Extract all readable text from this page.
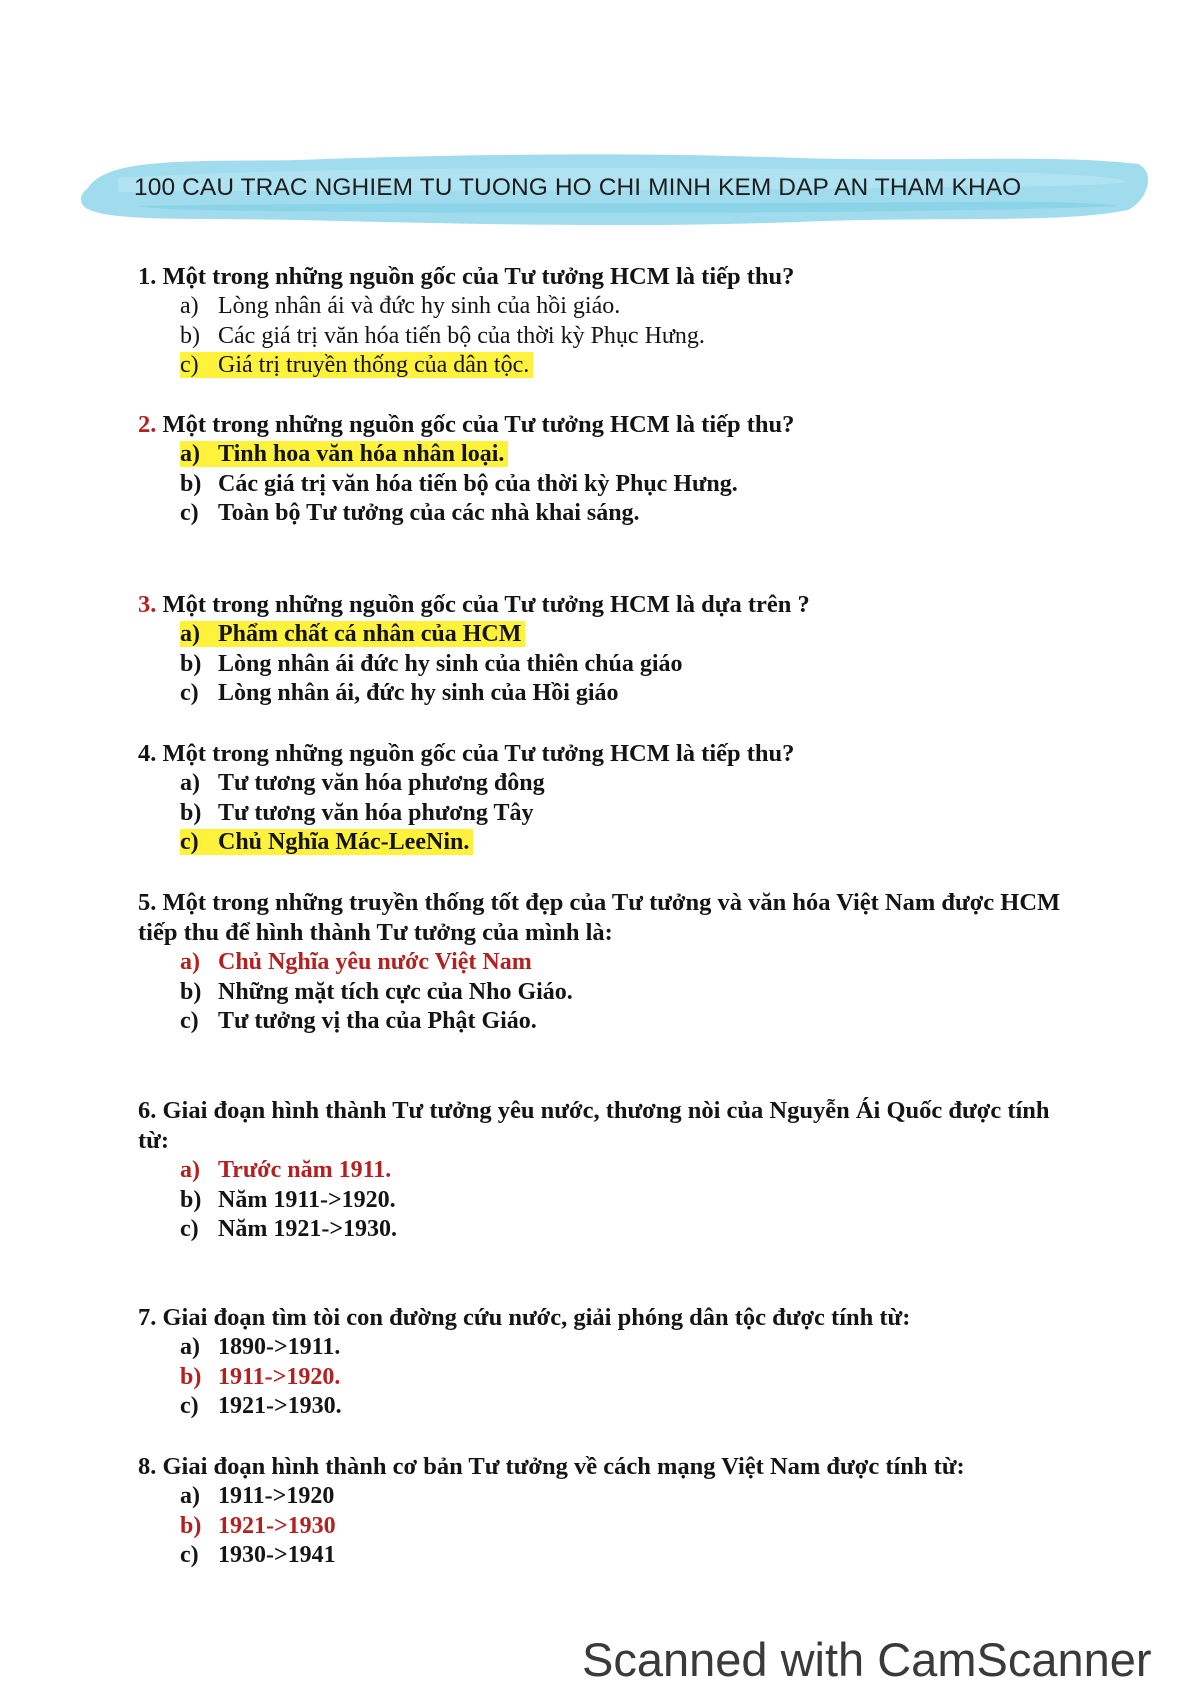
100 CAU TRAC NGHIEM TU TUONG HO CHI MINH KEM DAP AN THAM KHAO
1. Một trong những nguồn gốc của Tư tưởng HCM là tiếp thu?
a) Lòng nhân ái và đức hy sinh của hồi giáo.
b) Các giá trị văn hóa tiến bộ của thời kỳ Phục Hưng.
c) Giá trị truyền thống của dân tộc.
2. Một trong những nguồn gốc của Tư tưởng HCM là tiếp thu?
a) Tinh hoa văn hóa nhân loại.
b) Các giá trị văn hóa tiến bộ của thời kỳ Phục Hưng.
c) Toàn bộ Tư tưởng của các nhà khai sáng.
3. Một trong những nguồn gốc của Tư tưởng HCM là dựa trên ?
a) Phẩm chất cá nhân của HCM
b) Lòng nhân ái đức hy sinh của thiên chúa giáo
c) Lòng nhân ái, đức hy sinh của Hồi giáo
4. Một trong những nguồn gốc của Tư tưởng HCM là tiếp thu?
a) Tư tương văn hóa phương đông
b) Tư tương văn hóa phương Tây
c) Chủ Nghĩa Mác-LeeNin.
5. Một trong những truyền thống tốt đẹp của Tư tưởng và văn hóa Việt Nam được HCM tiếp thu để hình thành Tư tưởng của mình là:
a) Chủ Nghĩa yêu nước Việt Nam
b) Những mặt tích cực của Nho Giáo.
c) Tư tưởng vị tha của Phật Giáo.
6. Giai đoạn hình thành Tư tưởng yêu nước, thương nòi của Nguyễn Ái Quốc được tính từ:
a) Trước năm 1911.
b) Năm 1911->1920.
c) Năm 1921->1930.
7. Giai đoạn tìm tòi con đường cứu nước, giải phóng dân tộc được tính từ:
a) 1890->1911.
b) 1911->1920.
c) 1921->1930.
8. Giai đoạn hình thành cơ bản Tư tưởng về cách mạng Việt Nam được tính từ:
a) 1911->1920
b) 1921->1930
c) 1930->1941
Scanned with CamScanner
